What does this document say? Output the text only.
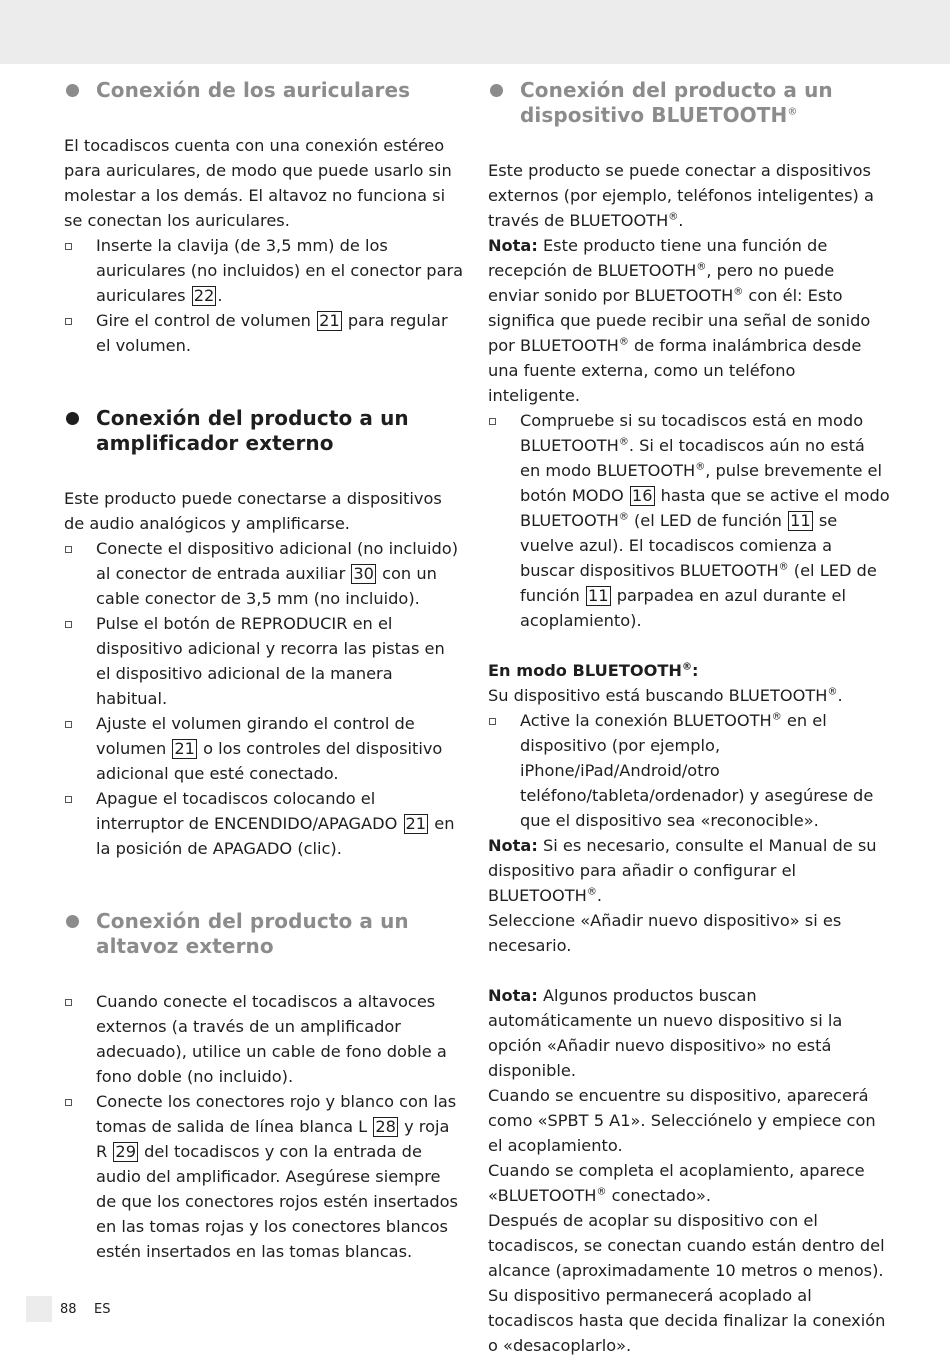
Conexión de los auriculares

El tocadiscos cuenta con una conexión estéreo para auriculares, de modo que puede usarlo sin molestar a los demás. El altavoz no funciona si se conectan los auriculares.

Inserte la clavija (de 3,5 mm) de los auriculares (no incluidos) en el conector para auriculares 22 .
Gire el control de volumen 21 para regular el volumen.
Conexión del producto a un amplificador externo

Este producto puede conectarse a dispositivos de audio analógicos y amplificarse.

Conecte el dispositivo adicional (no incluido) al conector de entrada auxiliar 30 con un cable conector de 3,5 mm (no incluido).
Pulse el botón de REPRODUCIR en el dispositivo adicional y recorra las pistas en el dispositivo adicional de la manera habitual.
Ajuste el volumen girando el control de volumen 21 o los controles del dispositivo adicional que esté conectado.
Apague el tocadiscos colocando el interruptor de ENCENDIDO/APAGADO 21 en la posición de APAGADO (clic).
Conexión del producto a un altavoz externo
Cuando conecte el tocadiscos a altavoces externos (a través de un amplificador adecuado), utilice un cable de fono doble a fono doble (no incluido).
Conecte los conectores rojo y blanco con las tomas de salida de línea blanca L 28 y roja R 29 del tocadiscos y con la entrada de audio del amplificador. Asegúrese siempre de que los conectores rojos estén insertados en las tomas rojas y los conectores blancos estén insertados en las tomas blancas.
Conexión del producto a un dispositivo BLUETOOTH®

Este producto se puede conectar a dispositivos externos (por ejemplo, teléfonos inteligentes) a través de BLUETOOTH®.

Nota: Este producto tiene una función de recepción de BLUETOOTH®, pero no puede enviar sonido por BLUETOOTH® con él: Esto significa que puede recibir una señal de sonido por BLUETOOTH® de forma inalámbrica desde una fuente externa, como un teléfono inteligente.

Compruebe si su tocadiscos está en modo BLUETOOTH®. Si el tocadiscos aún no está en modo BLUETOOTH®, pulse brevemente el botón MODO 16 hasta que se active el modo BLUETOOTH® (el LED de función 11 se vuelve azul). El tocadiscos comienza a buscar dispositivos BLUETOOTH® (el LED de función 11 parpadea en azul durante el acoplamiento).

En modo BLUETOOTH®:

Su dispositivo está buscando BLUETOOTH®.

Active la conexión BLUETOOTH® en el dispositivo (por ejemplo, iPhone/iPad/Android/otro teléfono/tableta/ordenador) y asegúrese de que el dispositivo sea «reconocible».

Nota: Si es necesario, consulte el Manual de su dispositivo para añadir o configurar el BLUETOOTH®.

Seleccione «Añadir nuevo dispositivo» si es necesario.

Nota: Algunos productos buscan automáticamente un nuevo dispositivo si la opción «Añadir nuevo dispositivo» no está disponible.

Cuando se encuentre su dispositivo, aparecerá como «SPBT 5 A1». Selecciónelo y empiece con el acoplamiento.

Cuando se completa el acoplamiento, aparece «BLUETOOTH® conectado».

Después de acoplar su dispositivo con el tocadiscos, se conectan cuando están dentro del alcance (aproximadamente 10 metros o menos).

Su dispositivo permanecerá acoplado al tocadiscos hasta que decida finalizar la conexión o «desacoplarlo».

88 ES
